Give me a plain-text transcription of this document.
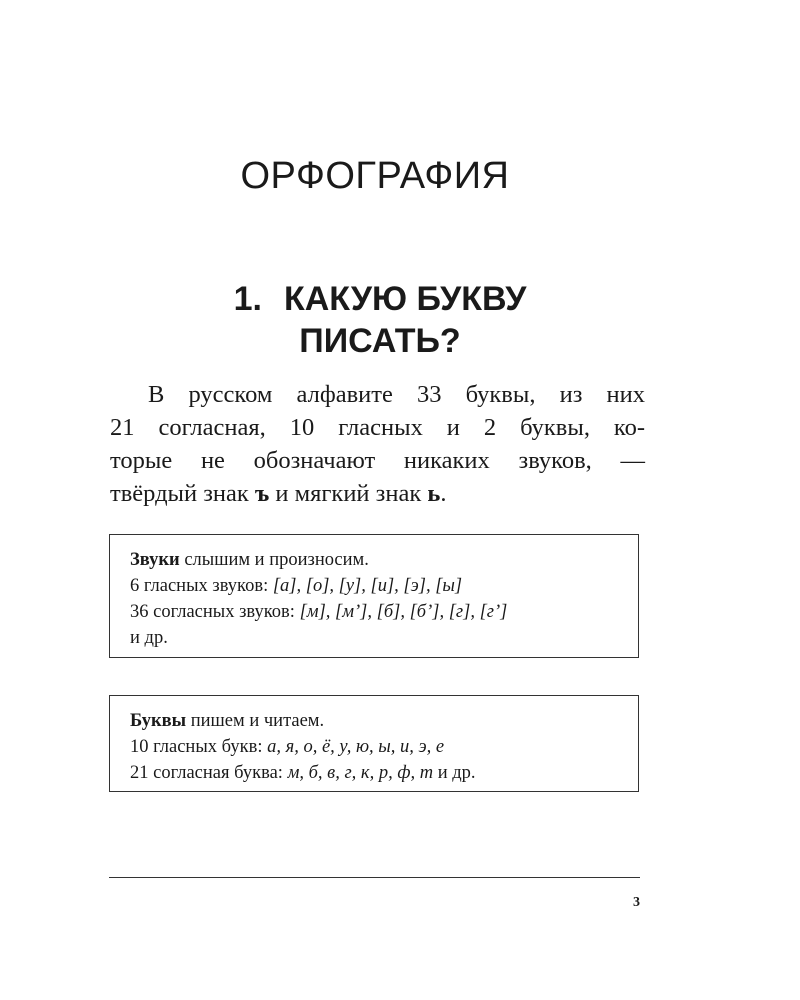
ОРФОГРАФИЯ
1. КАКУЮ БУКВУ
ПИСАТЬ?

В русском алфавите 33 буквы, из них
21 согласная, 10 гласных и 2 буквы, ко-
торые не обозначают никаких звуков, —
твёрдый знак ъ и мягкий знак ь.

Звуки слышим и произносим.
6 гласных звуков: [а], [о], [у], [и], [э], [ы]
36 согласных звуков: [м], [м’], [б], [б’], [г], [г’]
и др.
Буквы пишем и читаем.
10 гласных букв: а, я, о, ё, у, ю, ы, и, э, е
21 согласная буква: м, б, в, г, к, р, ф, т и др.
3
